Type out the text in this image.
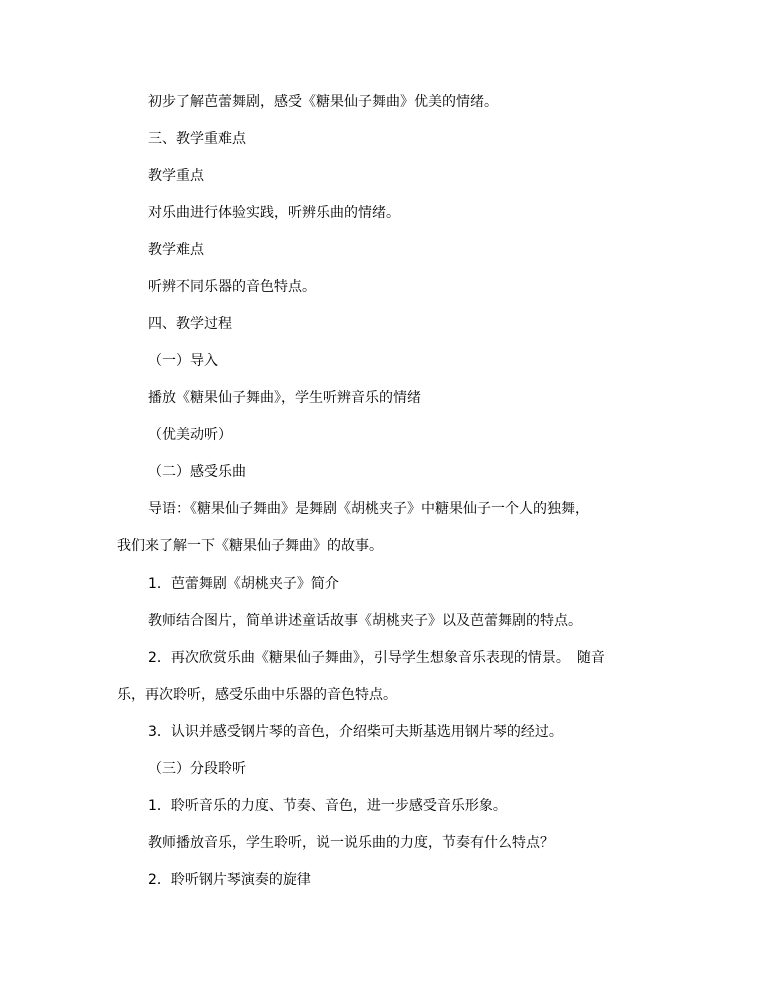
初步了解芭蕾舞剧，感受《糖果仙子舞曲》优美的情绪。

三、教学重难点

教学重点

对乐曲进行体验实践，听辨乐曲的情绪。

教学难点

听辨不同乐器的音色特点。

四、教学过程

（一）导入

播放《糖果仙子舞曲》，学生听辨音乐的情绪

（优美动听）

（二）感受乐曲

导语：《糖果仙子舞曲》是舞剧《胡桃夹子》中糖果仙子一个人的独舞，

我们来了解一下《糖果仙子舞曲》的故事。

1．芭蕾舞剧《胡桃夹子》简介

教师结合图片，简单讲述童话故事《胡桃夹子》以及芭蕾舞剧的特点。

2．再次欣赏乐曲《糖果仙子舞曲》，引导学生想象音乐表现的情景。　随音

乐，再次聆听，感受乐曲中乐器的音色特点。

3．认识并感受钢片琴的音色，介绍柴可夫斯基选用钢片琴的经过。

（三）分段聆听

1．聆听音乐的力度、节奏、音色，进一步感受音乐形象。

教师播放音乐，学生聆听，说一说乐曲的力度，节奏有什么特点？

2．聆听钢片琴演奏的旋律
